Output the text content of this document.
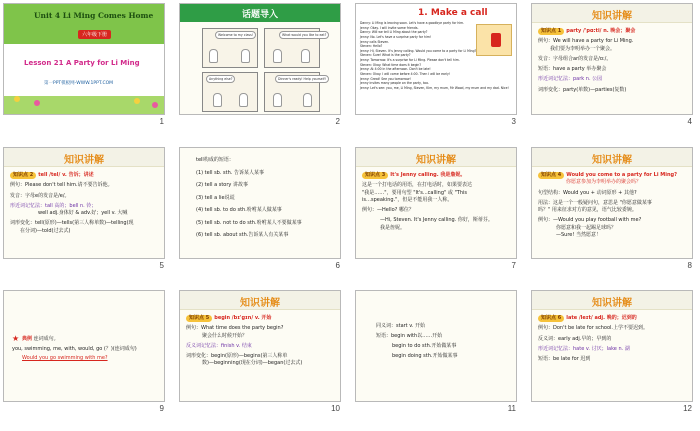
Unit 4 Li Ming Comes Home
六年级下册
Lesson 21 A Party for Li Ming
第一PPT模板网-WWW.1PPT.COM
1
话题导入
Welcome to my class!	What would you like to eat?
Anything else?	Dinner's ready! Help yourself!
2
1. Make a call

Danny: Li Ming is leaving soon. Let's have a goodbye party for him.

Jenny: Okay. I will invite some friends.

Danny: Will we tell Li Ming about the party?

Jenny: No. Let's have a surprise party for him!

Jenny calls Steven.

Steven: Hello?

Jenny: Hi, Steven. It's Jenny calling. Would you come to a party for Li Ming?

Steven: Sure! What is the party?

Jenny: Tomorrow. It's a surprise for Li Ming. Please don't tell him.

Steven: Okay. What time does it begin?

Jenny: At 4:00 in the afternoon. Don't be late!

Steven: Okay. I will come before 4:00. Then I will be early!

Jenny: Great! See you tomorrow!

Jenny invites many people on the party, too.

Jenny: Let's see: you, me, Li Ming, Steven, Kim, my mum, Mr Wood, my mum and my dad. Nice!

3
知识讲解

知识点 1 party /'pɑ:ti/ n. 晚会；聚会

例句：We will have a party for Li Ming.

我们要为李明举办一个聚会。

发音：字母组合ar的发音是/ɑ:/。

短语：have a party 举办聚会

形近词记忆法：park n. 公园

词形变化：party(单数)—parties(复数)

4
知识讲解

知识点 2 tell /tel/ v. 告诉；讲述

例句：Please don't tell him.请不要告诉他。

发音：字母e的发音是/e/。

形近词记忆法：tall 高的；bell n. 铃；

well adj.身体好 & adv.好；yell v. 大喊

词形变化：tell(原形)—tells(第三人称单数)—telling(现

在分词)—told(过去式)

5

tell构成的短语：

(1) tell sb. sth. 告诉某人某事

(2) tell a story 讲故事

(3) tell a lie说谎

(4) tell sb. to do sth.吩咐某人做某事

(5) tell sb. not to do sth.吩咐某人不要做某事

(6) tell sb. about sth.告诉某人有关某事

6
知识讲解

知识点 3 It's Jenny calling. 我是詹妮。

这是一个打电话的用语，在打电话时，如果要表达

"我是……"，要用句型 "It's...calling" 或 "This

is…speaking."，但是不能用我一人称。

例句：—Hello? 哪位？

—Hi, Steven. It's Jenny calling. 你好，斯蒂芬。

我是詹妮。

7
知识讲解

知识点 4 Would you come to a party for Li Ming?

你愿意参加为李明举办的聚会吗？

句型结构：Would you + 动词原形 + 其他?

用法：这是一个一般疑问句，意思是 "你愿意做某事

吗？" 用来征求对方的意见，语气比较委婉。

例句：—Would you play football with me?

你愿意和我一起踢足球吗？

—Sure! 当然愿意！

8
★ 典例 连词成句。

you, swimming, me, with, would, go (？)(连词成句)

Would you go swimming with me?

9
知识讲解

知识点 5 begin /bɪ'gɪn/ v. 开始

例句：What time does the party begin?

聚会什么时候开始？

反义词记忆法：finish v. 结束

词形变化：begin(原形)—begins(第三人称单

数)—beginning(现在分词)—began(过去式)

10

同义词：start v. 开始

短语：begin with以……开始

begin to do sth.开始做某事

begin doing sth.开始做某事

11
知识讲解

知识点 6 late /leɪt/ adj. 晚的；迟到的

例句：Don't be late for school.上学不要迟到。

反义词：early adj.早的；早到的

形近词记忆法：hate v. 讨厌；lake n. 湖

短语：be late for 迟到

12
